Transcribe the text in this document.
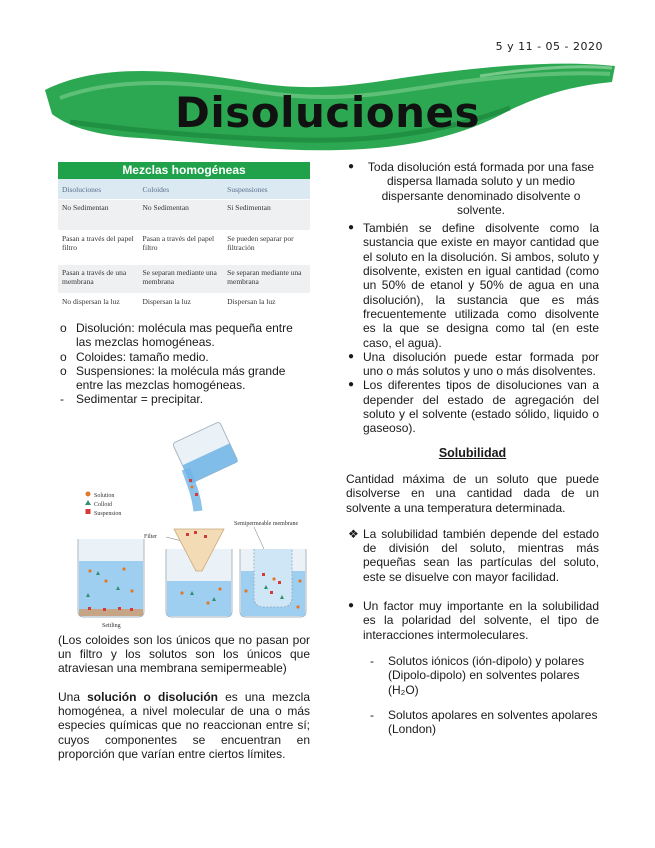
5 y 11 - 05 - 2020
Disoluciones
Mezclas homogéneas
Disoluciones	Coloides	Suspensiones
No Sedimentan	No Sedimentan	Si Sedimentan
Pasan a través del papel filtro	Pasan a través del papel filtro	Se pueden separar por filtración
Pasan a través de una membrana	Se separan mediante una membrana	Se separan mediante una membrana
No dispersan la luz	Dispersan la luz	Dispersan la luz
o Disolución: molécula mas pequeña entre las mezclas homogéneas.
o Coloides: tamaño medio.
o Suspensiones: la molécula más grande entre las mezclas homogéneas.
- Sedimentar = precipitar.
Solution
Colloid
Suspension
Filter
Semipermeable membrane
Settling
(Los coloides son los únicos que no pasan por un filtro y los solutos son los únicos que atraviesan una membrana semipermeable)
Una solución o disolución es una mezcla homogénea, a nivel molecular de una o más especies químicas que no reaccionan entre sí; cuyos componentes se encuentran en proporción que varían entre ciertos límites.
● Toda disolución está formada por una fase dispersa llamada soluto y un medio dispersante denominado disolvente o solvente.
● También se define disolvente como la sustancia que existe en mayor cantidad que el soluto en la disolución. Si ambos, soluto y disolvente, existen en igual cantidad (como un 50% de etanol y 50% de agua en una disolución), la sustancia que es más frecuentemente utilizada como disolvente es la que se designa como tal (en este caso, el agua).
● Una disolución puede estar formada por uno o más solutos y uno o más disolventes.
● Los diferentes tipos de disoluciones van a depender del estado de agregación del soluto y el solvente (estado sólido, liquido o gaseoso).
Solubilidad
Cantidad máxima de un soluto que puede disolverse en una cantidad dada de un solvente a una temperatura determinada.
❖ La solubilidad también depende del estado de división del soluto, mientras más pequeñas sean las partículas del soluto, este se disuelve con mayor facilidad.
● Un factor muy importante en la solubilidad es la polaridad del solvente, el tipo de interacciones intermoleculares.
- Solutos iónicos (ión-dipolo) y polares (Dipolo-dipolo) en solventes polares (H₂O)
- Solutos apolares en solventes apolares (London)
